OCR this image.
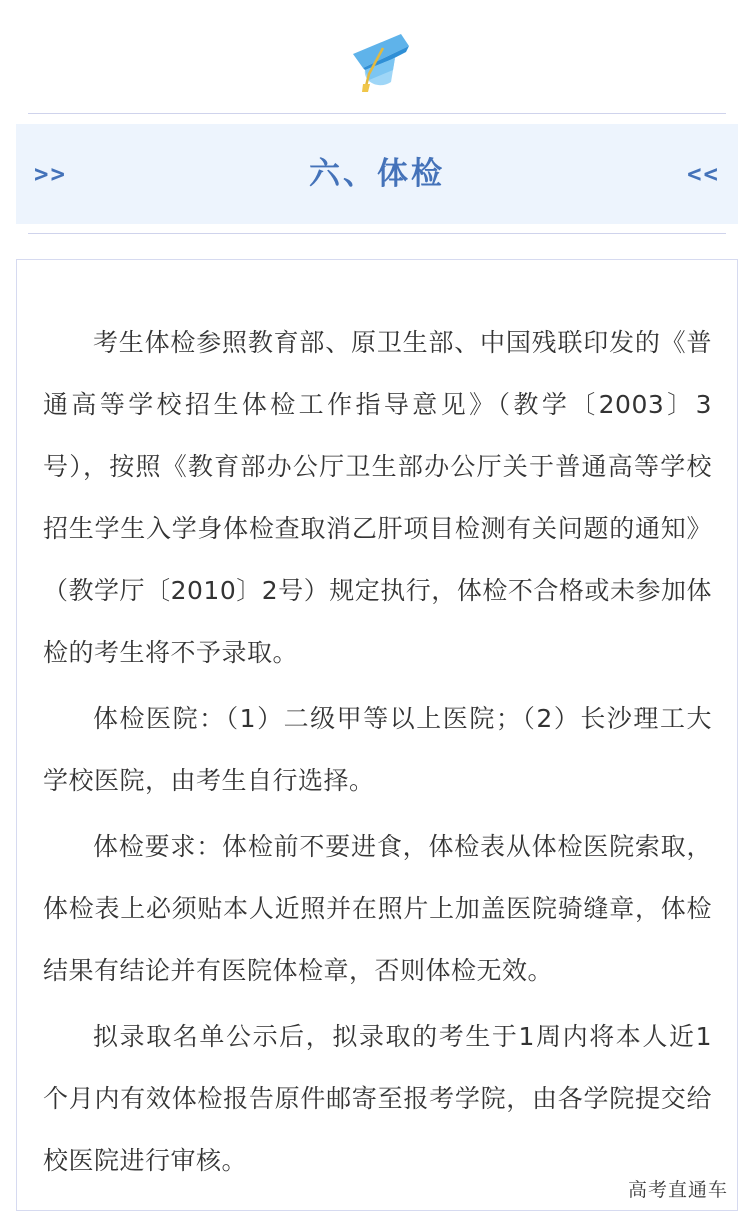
>>	六、体检	<<

考生体检参照教育部、原卫生部、中国残联印发的《普通高等学校招生体检工作指导意见》（教学〔2003〕3号），按照《教育部办公厅卫生部办公厅关于普通高等学校招生学生入学身体检查取消乙肝项目检测有关问题的通知》（教学厅〔2010〕2号）规定执行，体检不合格或未参加体检的考生将不予录取。

体检医院：（1）二级甲等以上医院；（2）长沙理工大学校医院，由考生自行选择。

体检要求：体检前不要进食，体检表从体检医院索取，体检表上必须贴本人近照并在照片上加盖医院骑缝章，体检结果有结论并有医院体检章，否则体检无效。

拟录取名单公示后，拟录取的考生于1周内将本人近1个月内有效体检报告原件邮寄至报考学院，由各学院提交给校医院进行审核。

高考直通车
